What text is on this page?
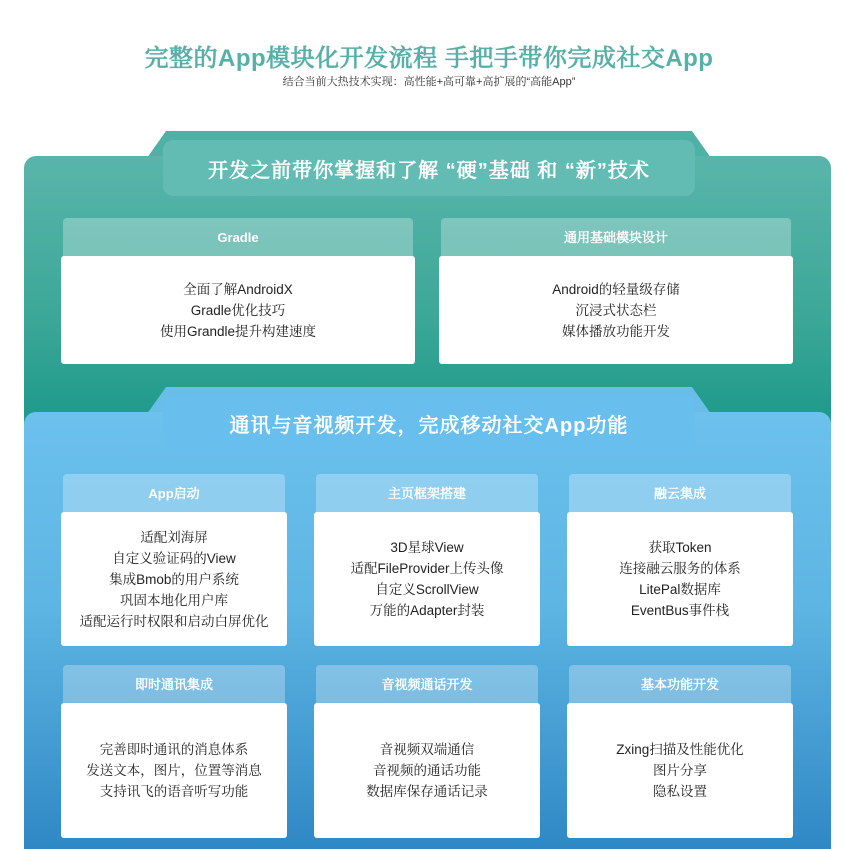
完整的App模块化开发流程 手把手带你完成社交App
结合当前大热技术实现：高性能+高可靠+高扩展的“高能App”
开发之前带你掌握和了解 “硬”基础 和 “新”技术
Gradle
全面了解AndroidX
Gradle优化技巧
使用Grandle提升构建速度
通用基础模块设计
Android的轻量级存储
沉浸式状态栏
媒体播放功能开发
通讯与音视频开发，完成移动社交App功能
App启动
适配刘海屏
自定义验证码的View
集成Bmob的用户系统
巩固本地化用户库
适配运行时权限和启动白屏优化
主页框架搭建
3D星球View
适配FileProvider上传头像
自定义ScrollView
万能的Adapter封装
融云集成
获取Token
连接融云服务的体系
LitePal数据库
EventBus事件栈
即时通讯集成
完善即时通讯的消息体系
发送文本，图片，位置等消息
支持讯飞的语音听写功能
音视频通话开发
音视频双端通信
音视频的通话功能
数据库保存通话记录
基本功能开发
Zxing扫描及性能优化
图片分享
隐私设置
